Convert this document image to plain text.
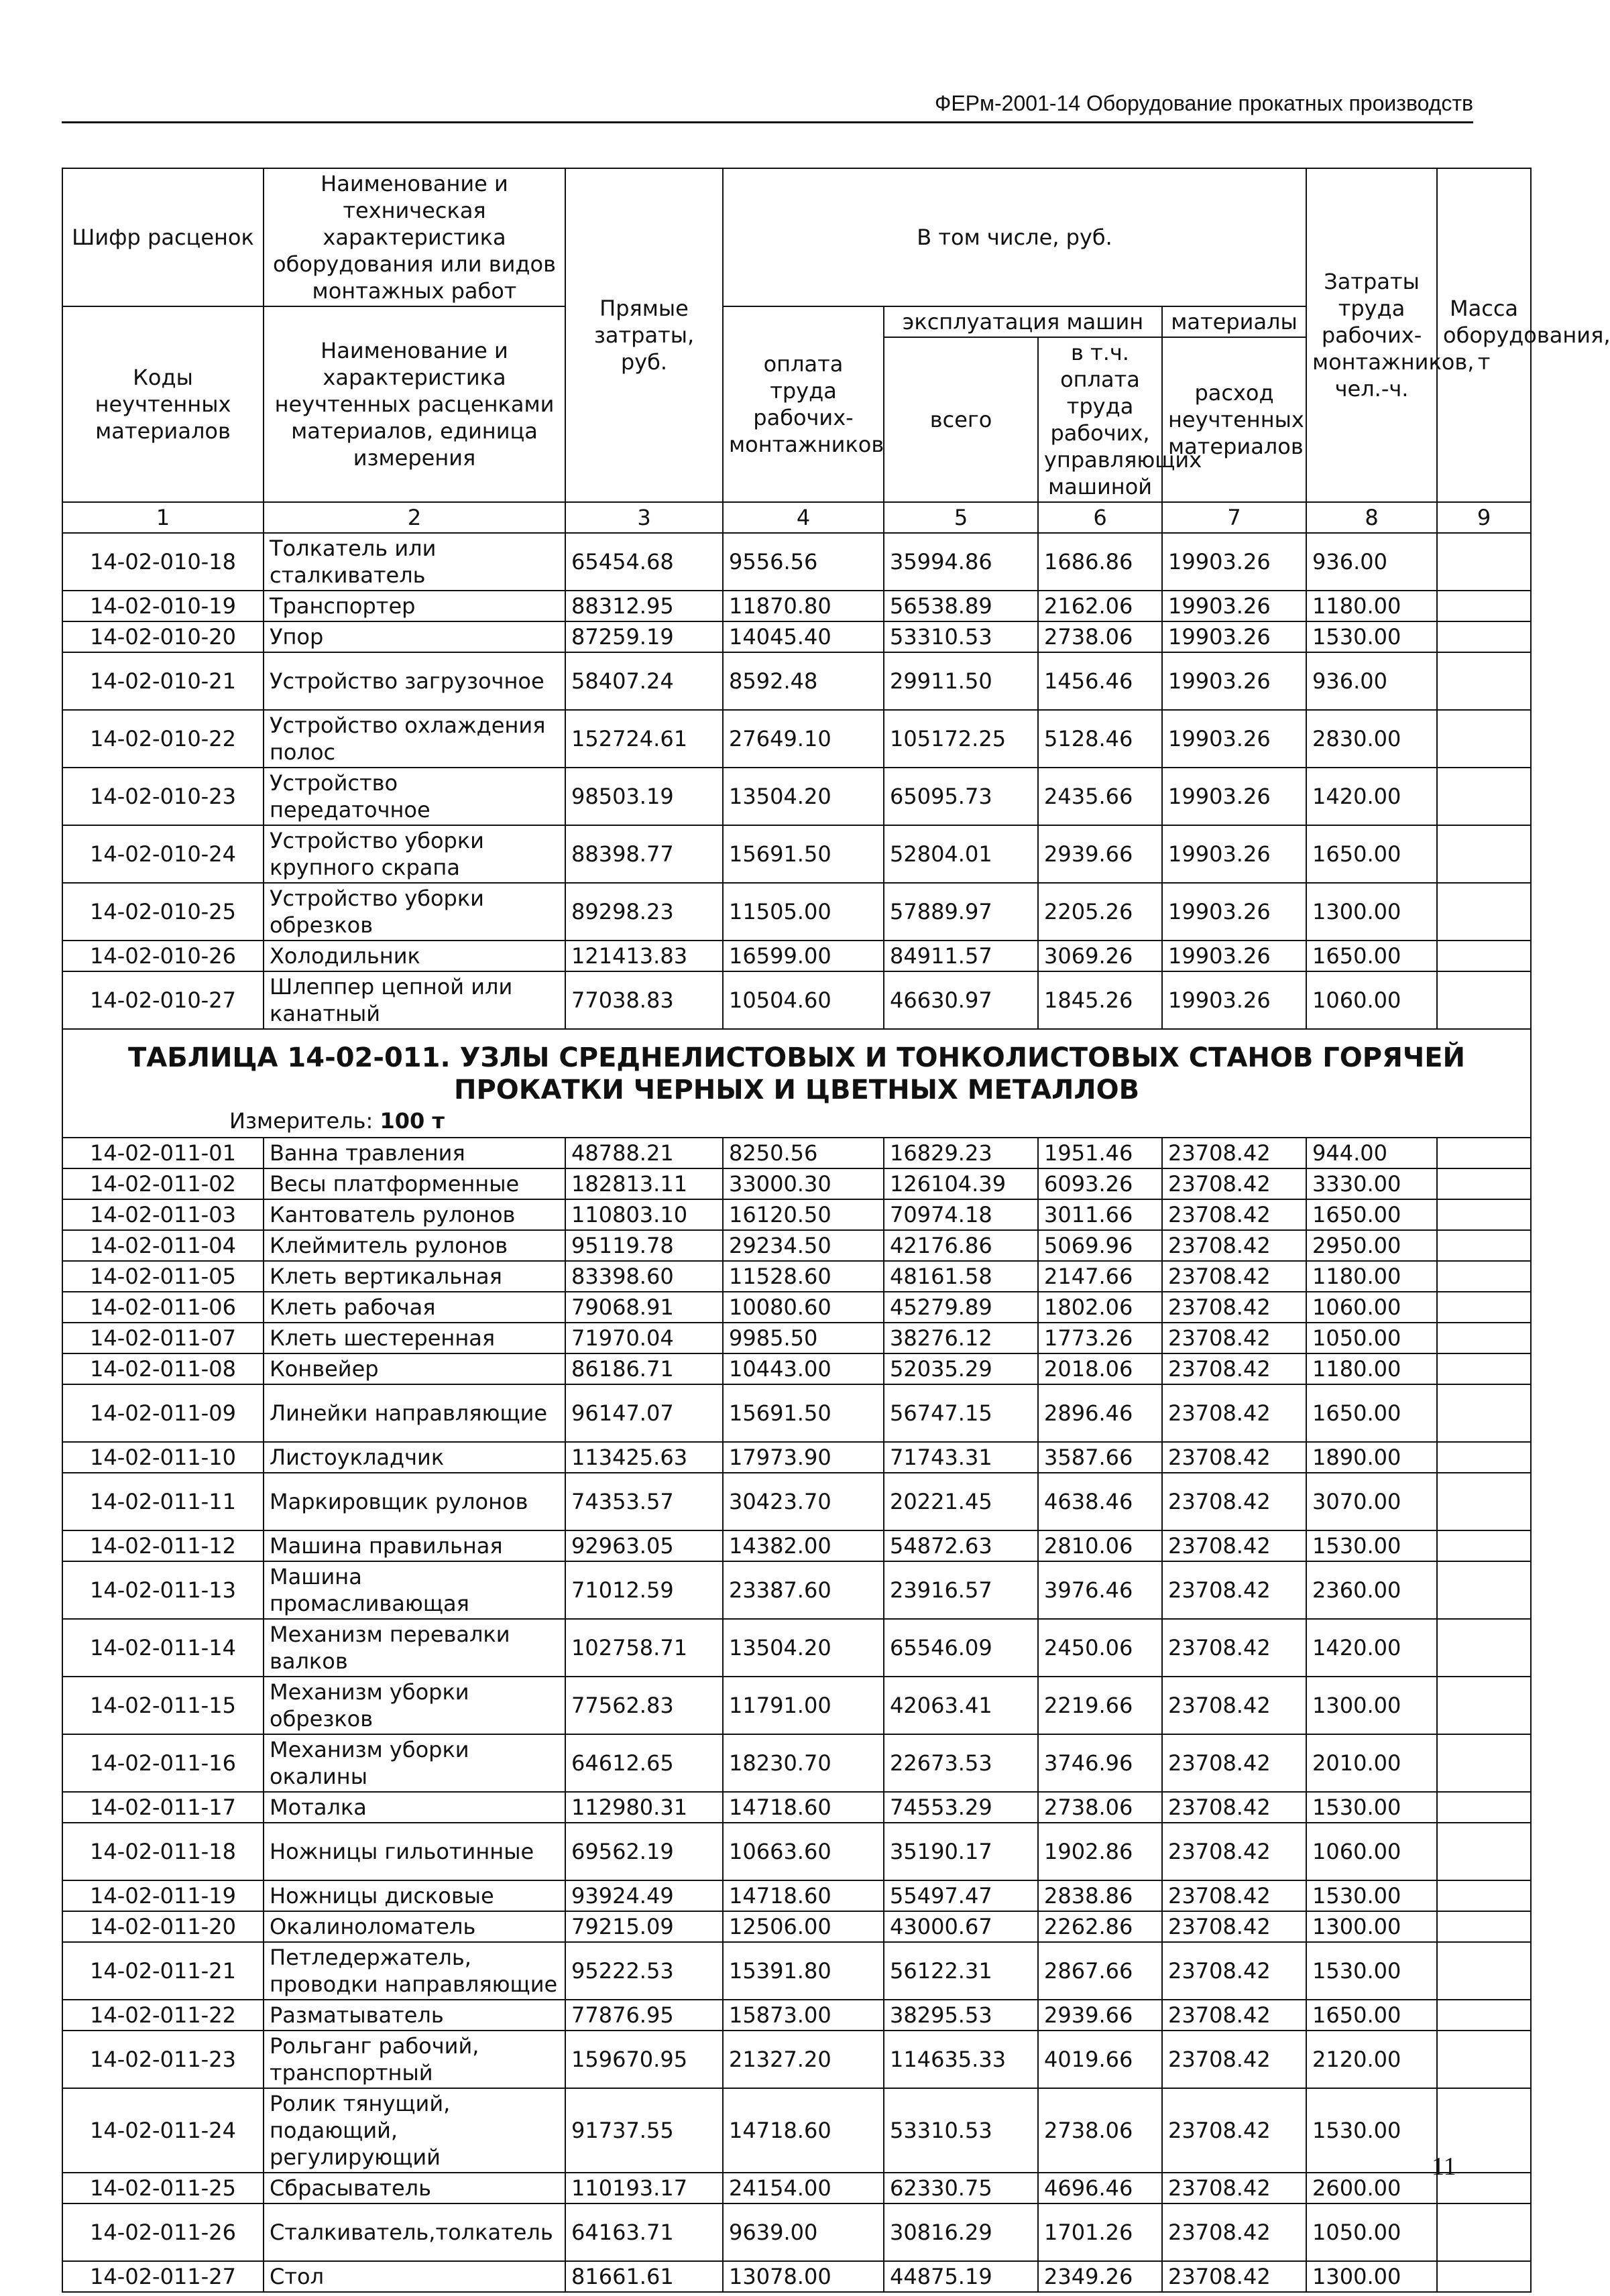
ФЕРм-2001-14 Оборудование прокатных производств
Шифр расценок	Наименование и техническая характеристика оборудования или видов монтажных работ	Прямые затраты, руб.	В том числе, руб.				Затраты труда рабочих-монтажников, чел.-ч.	Масса оборудования, т
Коды неучтенных материалов	Наименование и характеристика неучтенных расценками материалов, единица измерения		оплата труда рабочих-монтажников	эксплуатация машин		материалы		
				всего	в т.ч. оплата труда рабочих, управляющих машиной	расход неучтенных материалов		
1	2	3	4	5	6	7	8	9
14-02-010-18	Толкатель или сталкиватель	65454.68	9556.56	35994.86	1686.86	19903.26	936.00	
14-02-010-19	Транспортер	88312.95	11870.80	56538.89	2162.06	19903.26	1180.00	
14-02-010-20	Упор	87259.19	14045.40	53310.53	2738.06	19903.26	1530.00	
14-02-010-21	Устройство загрузочное	58407.24	8592.48	29911.50	1456.46	19903.26	936.00	
14-02-010-22	Устройство охлаждения полос	152724.61	27649.10	105172.25	5128.46	19903.26	2830.00	
14-02-010-23	Устройство передаточное	98503.19	13504.20	65095.73	2435.66	19903.26	1420.00	
14-02-010-24	Устройство уборки крупного скрапа	88398.77	15691.50	52804.01	2939.66	19903.26	1650.00	
14-02-010-25	Устройство уборки обрезков	89298.23	11505.00	57889.97	2205.26	19903.26	1300.00	
14-02-010-26	Холодильник	121413.83	16599.00	84911.57	3069.26	19903.26	1650.00	
14-02-010-27	Шлеппер цепной или канатный	77038.83	10504.60	46630.97	1845.26	19903.26	1060.00	

ТАБЛИЦА 14-02-011. УЗЛЫ СРЕДНЕЛИСТОВЫХ И ТОНКОЛИСТОВЫХ СТАНОВ ГОРЯЧЕЙ ПРОКАТКИ ЧЕРНЫХ И ЦВЕТНЫХ МЕТАЛЛОВ
Измеритель: 100 т								

14-02-011-01	Ванна травления	48788.21	8250.56	16829.23	1951.46	23708.42	944.00	
14-02-011-02	Весы платформенные	182813.11	33000.30	126104.39	6093.26	23708.42	3330.00	
14-02-011-03	Кантователь рулонов	110803.10	16120.50	70974.18	3011.66	23708.42	1650.00	
14-02-011-04	Клеймитель рулонов	95119.78	29234.50	42176.86	5069.96	23708.42	2950.00	
14-02-011-05	Клеть вертикальная	83398.60	11528.60	48161.58	2147.66	23708.42	1180.00	
14-02-011-06	Клеть рабочая	79068.91	10080.60	45279.89	1802.06	23708.42	1060.00	
14-02-011-07	Клеть шестеренная	71970.04	9985.50	38276.12	1773.26	23708.42	1050.00	
14-02-011-08	Конвейер	86186.71	10443.00	52035.29	2018.06	23708.42	1180.00	
14-02-011-09	Линейки направляющие	96147.07	15691.50	56747.15	2896.46	23708.42	1650.00	
14-02-011-10	Листоукладчик	113425.63	17973.90	71743.31	3587.66	23708.42	1890.00	
14-02-011-11	Маркировщик рулонов	74353.57	30423.70	20221.45	4638.46	23708.42	3070.00	
14-02-011-12	Машина правильная	92963.05	14382.00	54872.63	2810.06	23708.42	1530.00	
14-02-011-13	Машина промасливающая	71012.59	23387.60	23916.57	3976.46	23708.42	2360.00	
14-02-011-14	Механизм перевалки валков	102758.71	13504.20	65546.09	2450.06	23708.42	1420.00	
14-02-011-15	Механизм уборки обрезков	77562.83	11791.00	42063.41	2219.66	23708.42	1300.00	
14-02-011-16	Механизм уборки окалины	64612.65	18230.70	22673.53	3746.96	23708.42	2010.00	
14-02-011-17	Моталка	112980.31	14718.60	74553.29	2738.06	23708.42	1530.00	
14-02-011-18	Ножницы гильотинные	69562.19	10663.60	35190.17	1902.86	23708.42	1060.00	
14-02-011-19	Ножницы дисковые	93924.49	14718.60	55497.47	2838.86	23708.42	1530.00	
14-02-011-20	Окалиноломатель	79215.09	12506.00	43000.67	2262.86	23708.42	1300.00	
14-02-011-21	Петледержатель, проводки направляющие	95222.53	15391.80	56122.31	2867.66	23708.42	1530.00	
14-02-011-22	Разматыватель	77876.95	15873.00	38295.53	2939.66	23708.42	1650.00	
14-02-011-23	Рольганг рабочий, транспортный	159670.95	21327.20	114635.33	4019.66	23708.42	2120.00	
14-02-011-24	Ролик тянущий, подающий, регулирующий	91737.55	14718.60	53310.53	2738.06	23708.42	1530.00	
14-02-011-25	Сбрасыватель	110193.17	24154.00	62330.75	4696.46	23708.42	2600.00	
14-02-011-26	Сталкиватель,толкатель	64163.71	9639.00	30816.29	1701.26	23708.42	1050.00	
14-02-011-27	Стол	81661.61	13078.00	44875.19	2349.26	23708.42	1300.00	
11
